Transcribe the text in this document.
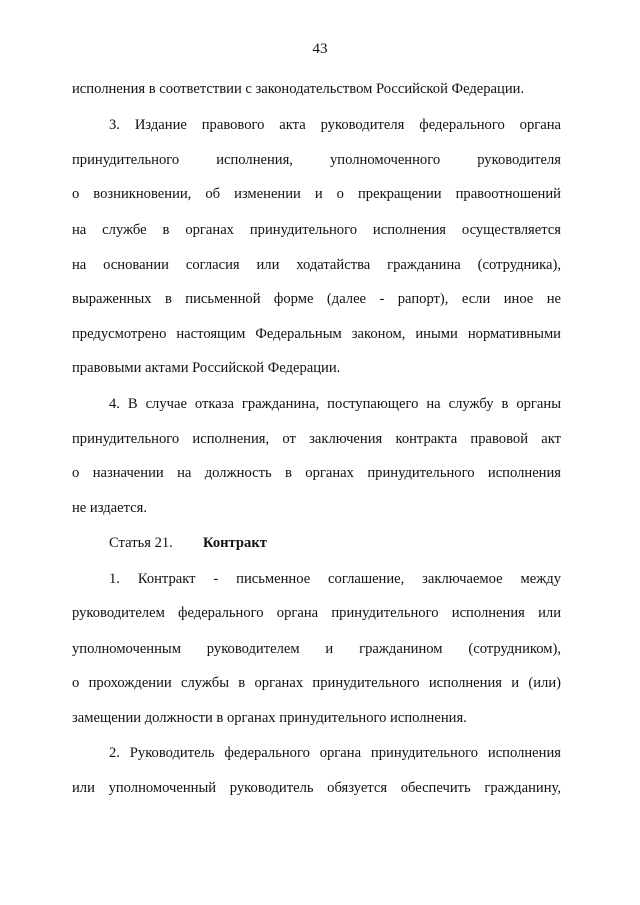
43
исполнения в соответствии с законодательством Российской Федерации.
3. Издание правового акта руководителя федерального органа
принудительного исполнения, уполномоченного руководителя
о возникновении, об изменении и о прекращении правоотношений
на службе в органах принудительного исполнения осуществляется
на основании согласия или ходатайства гражданина (сотрудника),
выраженных в письменной форме (далее - рапорт), если иное не
предусмотрено настоящим Федеральным законом, иными нормативными
правовыми актами Российской Федерации.
4. В случае отказа гражданина, поступающего на службу в органы
принудительного исполнения, от заключения контракта правовой акт
о назначении на должность в органах принудительного исполнения
не издается.
Статья 21. Контракт
1. Контракт - письменное соглашение, заключаемое между
руководителем федерального органа принудительного исполнения или
уполномоченным руководителем и гражданином (сотрудником),
о прохождении службы в органах принудительного исполнения и (или)
замещении должности в органах принудительного исполнения.
2. Руководитель федерального органа принудительного исполнения
или уполномоченный руководитель обязуется обеспечить гражданину,
